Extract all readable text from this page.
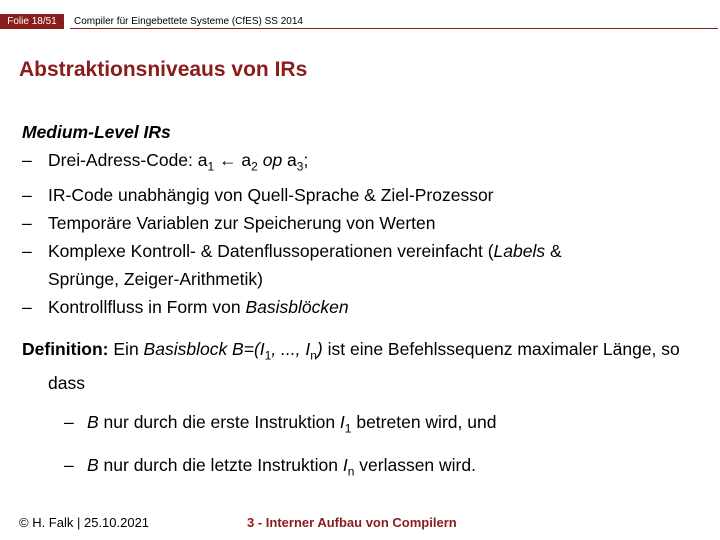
Folie 18/51	Compiler für Eingebettete Systeme (CfES) SS 2014
Abstraktionsniveaus von IRs
Medium-Level IRs
– Drei-Adress-Code: $a_1$ ← $a_2$ op $a_3$;
– IR-Code unabhängig von Quell-Sprache & Ziel-Prozessor
– Temporäre Variablen zur Speicherung von Werten
– Komplexe Kontroll- & Datenflussoperationen vereinfacht (Labels &
Sprünge, Zeiger-Arithmetik)
– Kontrollfluss in Form von Basisblöcken
Definition: Ein Basisblock $B=(I_1$, ..., $I_n$) ist eine Befehlssequenz maximaler Länge, so dass
– B nur durch die erste Instruktion $I_1$ betreten wird, und
– B nur durch die letzte Instruktion $I_n$ verlassen wird.
© H. Falk | 25.10.2021	3 - Interner Aufbau von Compilern
